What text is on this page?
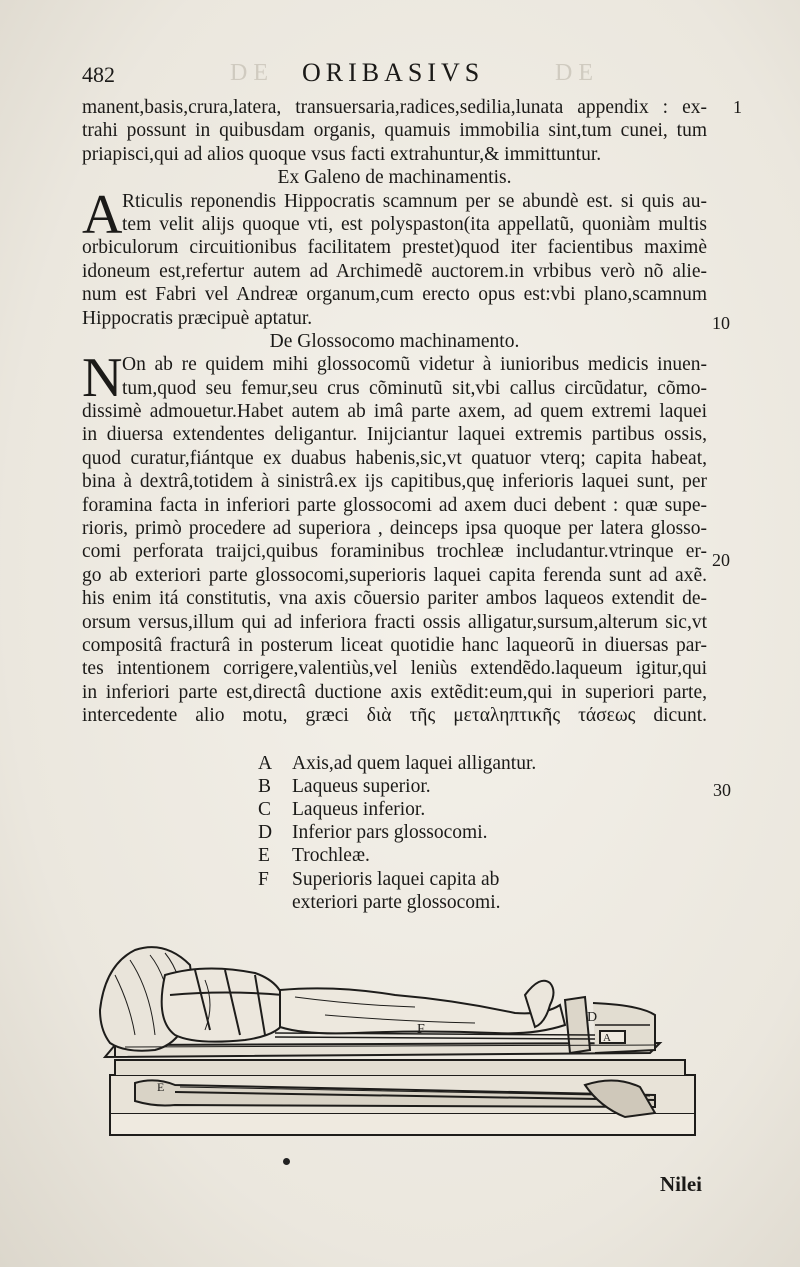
DE	DE
482	ORIBASIVS
manent,basis,crura,latera, transuersaria,radices,sedilia,lunata appendix : ex-
trahi possunt in quibusdam organis, quamuis immobilia sint,tum cunei, tum
priapisci,qui ad alios quoque vsus facti extrahuntur,& immittuntur.
Ex Galeno de machinamentis.
A Rticulis reponendis Hippocratis scamnum per se abundè est. si quis au-
tem velit alijs quoque vti, est polyspaston(ita appellatũ, quoniàm multis
orbiculorum circuitionibus facilitatem prestet)quod iter facientibus maximè
idoneum est,refertur autem ad Archimedẽ auctorem.in vrbibus verò nõ alie-
num est Fabri vel Andreæ organum,cum erecto opus est:vbi plano,scamnum
Hippocratis præcipuè aptatur.
De Glossocomo machinamento.
N On ab re quidem mihi glossocomũ videtur à iunioribus medicis inuen-
tum,quod seu femur,seu crus cõminutũ sit,vbi callus circũdatur, cõmo-
dissimè admouetur.Habet autem ab imâ parte axem, ad quem extremi laquei
in diuersa extendentes deligantur. Inijciantur laquei extremis partibus ossis,
quod curatur,fiántque ex duabus habenis,sic,vt quatuor vterq; capita habeat,
bina à dextrâ,totidem à sinistrâ.ex ijs capitibus,quę inferioris laquei sunt, per
foramina facta in inferiori parte glossocomi ad axem duci debent : quæ supe-
rioris, primò procedere ad superiora , deinceps ipsa quoque per latera glosso-
comi perforata traijci,quibus foraminibus trochleæ includantur.vtrinque er-
go ab exteriori parte glossocomi,superioris laquei capita ferenda sunt ad axẽ.
his enim itá constitutis, vna axis cõuersio pariter ambos laqueos extendit de-
orsum versus,illum qui ad inferiora fracti ossis alligatur,sursum,alterum sic,vt
compositâ fracturâ in posterum liceat quotidie hanc laqueorũ in diuersas par-
tes intentionem corrigere,valentiùs,vel leniùs extendẽdo.laqueum igitur,qui
in inferiori parte est,directâ ductione axis extẽdit:eum,qui in superiori parte,
intercedente alio motu, græci διὰ τῆς μεταληπτικῆς τάσεως dicunt.
1
10
20
30
A	Axis,ad quem laquei alligantur.
B	Laqueus superior.
C	Laqueus inferior.
D	Inferior pars glossocomi.
E	Trochleæ.
F	Superioris laquei capita ab
exteriori parte glossocomi.
D
F
A
E
Nilei
